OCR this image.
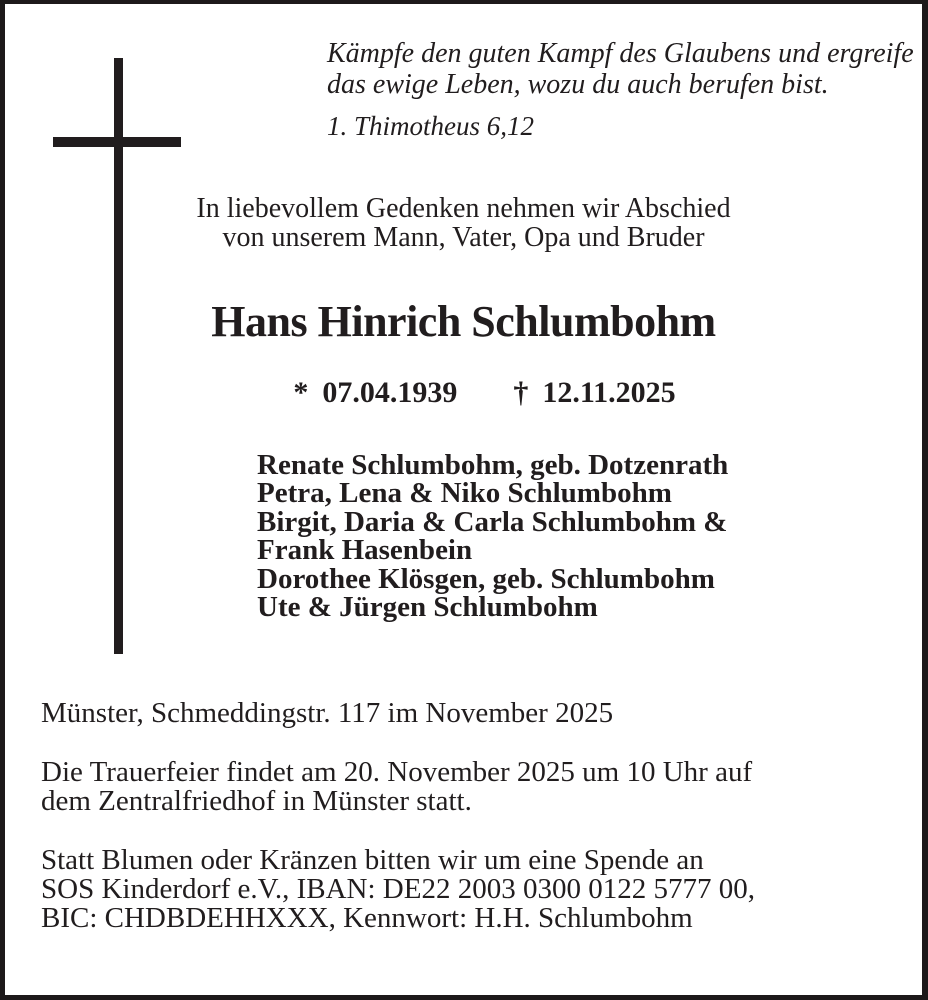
Kämpfe den guten Kampf des Glaubens und ergreife
das ewige Leben, wozu du auch berufen bist.
1. Thimotheus 6,12
In liebevollem Gedenken nehmen wir Abschied
von unserem Mann, Vater, Opa und Bruder
Hans Hinrich Schlumbohm
* 07.04.1939 † 12.11.2025
Renate Schlumbohm, geb. Dotzenrath
Petra, Lena & Niko Schlumbohm
Birgit, Daria & Carla Schlumbohm &
Frank Hasenbein
Dorothee Klösgen, geb. Schlumbohm
Ute & Jürgen Schlumbohm
Münster, Schmeddingstr. 117 im November 2025
Die Trauerfeier findet am 20. November 2025 um 10 Uhr auf
dem Zentralfriedhof in Münster statt.
Statt Blumen oder Kränzen bitten wir um eine Spende an
SOS Kinderdorf e.V., IBAN: DE22 2003 0300 0122 5777 00,
BIC: CHDBDEHHXXX, Kennwort: H.H. Schlumbohm
